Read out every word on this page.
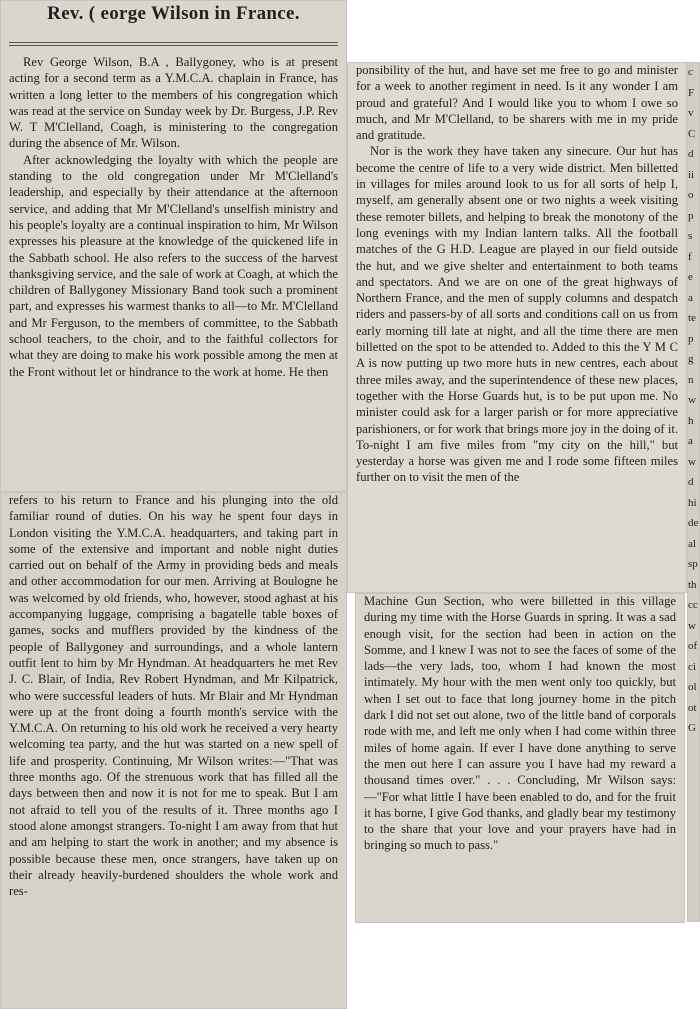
Rev. ( eorge Wilson in France.

Rev George Wilson, B.A , Ballygoney, who is at present acting for a second term as a Y.M.C.A. chaplain in France, has written a long letter to the members of his congregation which was read at the service on Sunday week by Dr. Burgess, J.P. Rev W. T M'Clelland, Coagh, is ministering to the congregation during the absence of Mr. Wilson.

After acknowledging the loyalty with which the people are standing to the old congregation under Mr M'Clelland's leadership, and especially by their attendance at the afternoon service, and adding that Mr M'Clelland's unselfish ministry and his people's loyalty are a continual inspiration to him, Mr Wilson expresses his pleasure at the knowledge of the quickened life in the Sabbath school. He also refers to the success of the harvest thanksgiving service, and the sale of work at Coagh, at which the children of Ballygoney Missionary Band took such a prominent part, and expresses his warmest thanks to all—to Mr. M'Clelland and Mr Ferguson, to the members of committee, to the Sabbath school teachers, to the choir, and to the faithful collectors for what they are doing to make his work possible among the men at the Front without let or hindrance to the work at home. He then

refers to his return to France and his plunging into the old familiar round of duties. On his way he spent four days in London visiting the Y.M.C.A. headquarters, and taking part in some of the extensive and important and noble night duties carried out on behalf of the Army in providing beds and meals and other accommodation for our men. Arriving at Boulogne he was welcomed by old friends, who, however, stood aghast at his accompanying luggage, comprising a bagatelle table boxes of games, socks and mufflers provided by the kindness of the people of Ballygoney and surroundings, and a whole lantern outfit lent to him by Mr Hyndman. At headquarters he met Rev J. C. Blair, of India, Rev Robert Hyndman, and Mr Kilpatrick, who were successful leaders of huts. Mr Blair and Mr Hyndman were up at the front doing a fourth month's service with the Y.M.C.A. On returning to his old work he received a very hearty welcoming tea party, and the hut was started on a new spell of life and prosperity. Continuing, Mr Wilson writes:—"That was three months ago. Of the strenuous work that has filled all the days between then and now it is not for me to speak. But I am not afraid to tell you of the results of it. Three months ago I stood alone amongst strangers. To-night I am away from that hut and am helping to start the work in another; and my absence is possible because these men, once strangers, have taken up on their already heavily-burdened shoulders the whole work and res-

ponsibility of the hut, and have set me free to go and minister for a week to another regiment in need. Is it any wonder I am proud and grateful? And I would like you to whom I owe so much, and Mr M'Clelland, to be sharers with me in my pride and gratitude.

Nor is the work they have taken any sinecure. Our hut has become the centre of life to a very wide district. Men billetted in villages for miles around look to us for all sorts of help I, myself, am generally absent one or two nights a week visiting these remoter billets, and helping to break the monotony of the long evenings with my Indian lantern talks. All the football matches of the G H.D. League are played in our field outside the hut, and we give shelter and entertainment to both teams and spectators. And we are on one of the great highways of Northern France, and the men of supply columns and despatch riders and passers-by of all sorts and conditions call on us from early morning till late at night, and all the time there are men billetted on the spot to be attended to. Added to this the Y M C A is now putting up two more huts in new centres, each about three miles away, and the superintendence of these new places, together with the Horse Guards hut, is to be put upon me. No minister could ask for a larger parish or for more appreciative parishioners, or for work that brings more joy in the doing of it. To-night I am five miles from "my city on the hill," but yesterday a horse was given me and I rode some fifteen miles further on to visit the men of the

Machine Gun Section, who were billetted in this village during my time with the Horse Guards in spring. It was a sad enough visit, for the section had been in action on the Somme, and I knew I was not to see the faces of some of the lads—the very lads, too, whom I had known the most intimately. My hour with the men went only too quickly, but when I set out to face that long journey home in the pitch dark I did not set out alone, two of the little band of corporals rode with me, and left me only when I had come within three miles of home again. If ever I have done anything to serve the men out here I can assure you I have had my reward a thousand times over." . . . Concluding, Mr Wilson says:—"For what little I have been enabled to do, and for the fruit it has borne, I give God thanks, and gladly bear my testimony to the share that your love and your prayers have had in bringing so much to pass."

c
F
v
C
d
ii
o
p
s
f
e
a
te
p
g
n
w
h
a
w
d
hi
de
al
sp
th
cc
w
of
ci
ol
ot
G
